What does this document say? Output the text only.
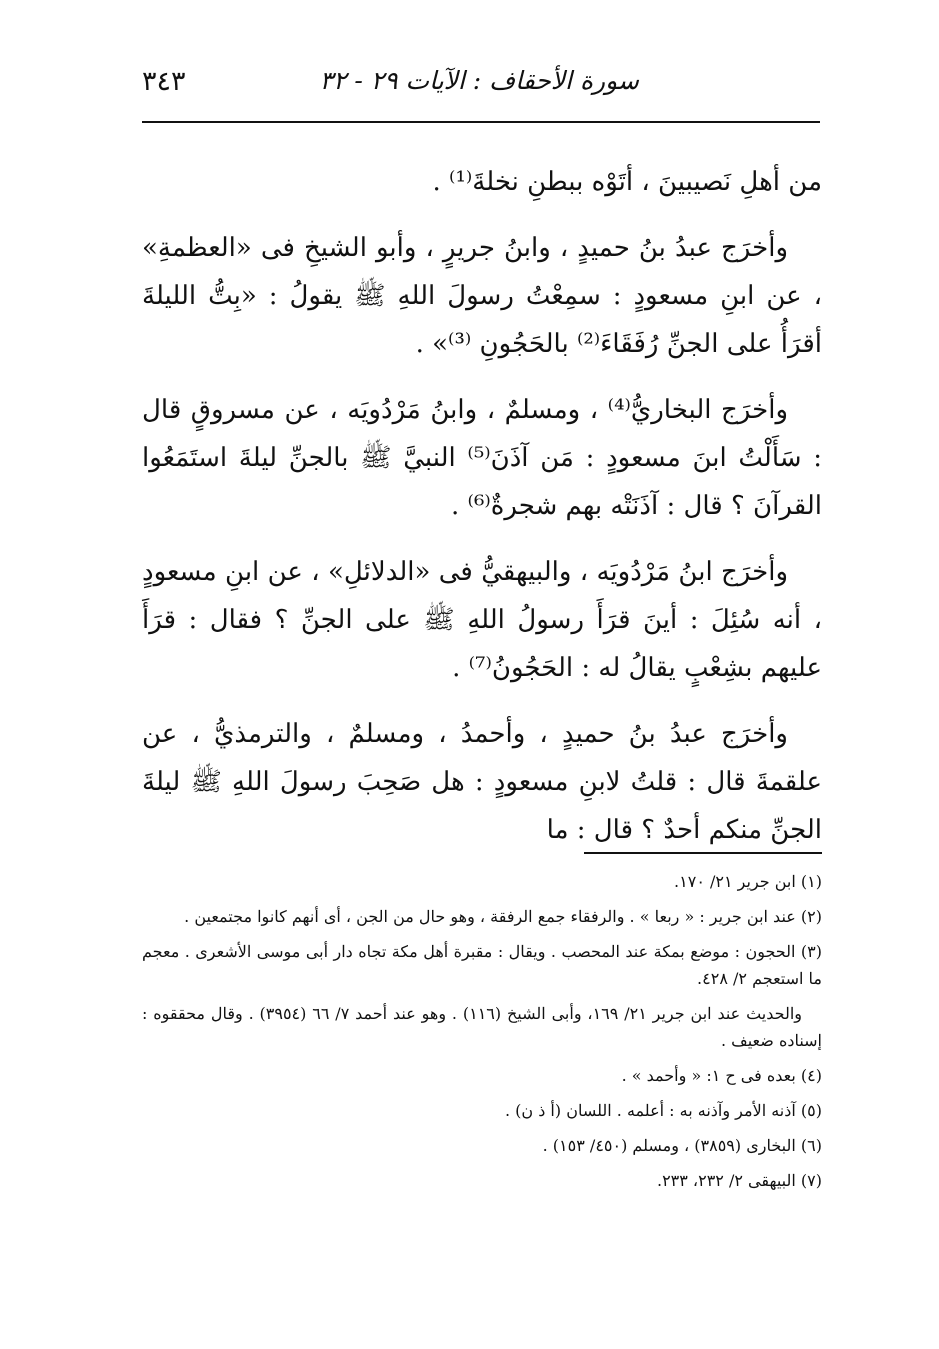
٣٤٣	سورة الأحقاف : الآيات ٢٩ - ٣٢

من أهلِ نَصيبينَ ، أتَوْه ببطنِ نخلةَ⁽¹⁾ .

وأخرَج عبدُ بنُ حميدٍ ، وابنُ جريرٍ ، وأبو الشيخِ فى «العظمةِ» ، عن ابنِ مسعودٍ : سمِعْتُ رسولَ اللهِ ﷺ يقولُ : «بِتُّ الليلةَ أقرَأُ على الجنِّ رُفَقَاءَ⁽²⁾ بالحَجُونِ ⁽³⁾» .

وأخرَج البخاريُّ⁽⁴⁾ ، ومسلمٌ ، وابنُ مَرْدُويَه ، عن مسروقٍ قال : سَأَلْتُ ابنَ مسعودٍ : مَن آذَنَ⁽⁵⁾ النبيَّ ﷺ بالجنِّ ليلةَ استَمَعُوا القرآنَ ؟ قال : آذَنَتْه بهم شجرةٌ⁽⁶⁾ .

وأخرَج ابنُ مَرْدُويَه ، والبيهقيُّ فى «الدلائلِ» ، عن ابنِ مسعودٍ ، أنه سُئِلَ : أينَ قرَأَ رسولُ اللهِ ﷺ على الجنِّ ؟ فقال : قرَأَ عليهم بشِعْبٍ يقالُ له : الحَجُونُ⁽⁷⁾ .

وأخرَج عبدُ بنُ حميدٍ ، وأحمدُ ، ومسلمٌ ، والترمذيُّ ، عن علقمةَ قال : قلتُ لابنِ مسعودٍ : هل صَحِبَ رسولَ اللهِ ﷺ ليلةَ الجنِّ منكم أحدٌ ؟ قال : ما

(١) ابن جرير ٢١/ ١٧٠.

(٢) عند ابن جرير : « ربعا » . والرفقاء جمع الرفقة ، وهو حال من الجن ، أى أنهم كانوا مجتمعين .

(٣) الحجون : موضع بمكة عند المحصب . ويقال : مقبرة أهل مكة تجاه دار أبى موسى الأشعرى . معجم ما استعجم ٢/ ٤٢٨.

والحديث عند ابن جرير ٢١/ ١٦٩، وأبى الشيخ (١١٦) . وهو عند أحمد ٧/ ٦٦ (٣٩٥٤) . وقال محققوه : إسناده ضعيف .

(٤) بعده فى ح ١: « وأحمد » .

(٥) آذنه الأمر وآذنه به : أعلمه . اللسان (أ ذ ن) .

(٦) البخارى (٣٨٥٩) ، ومسلم (٤٥٠/ ١٥٣) .

(٧) البيهقى ٢/ ٢٣٢، ٢٣٣.
